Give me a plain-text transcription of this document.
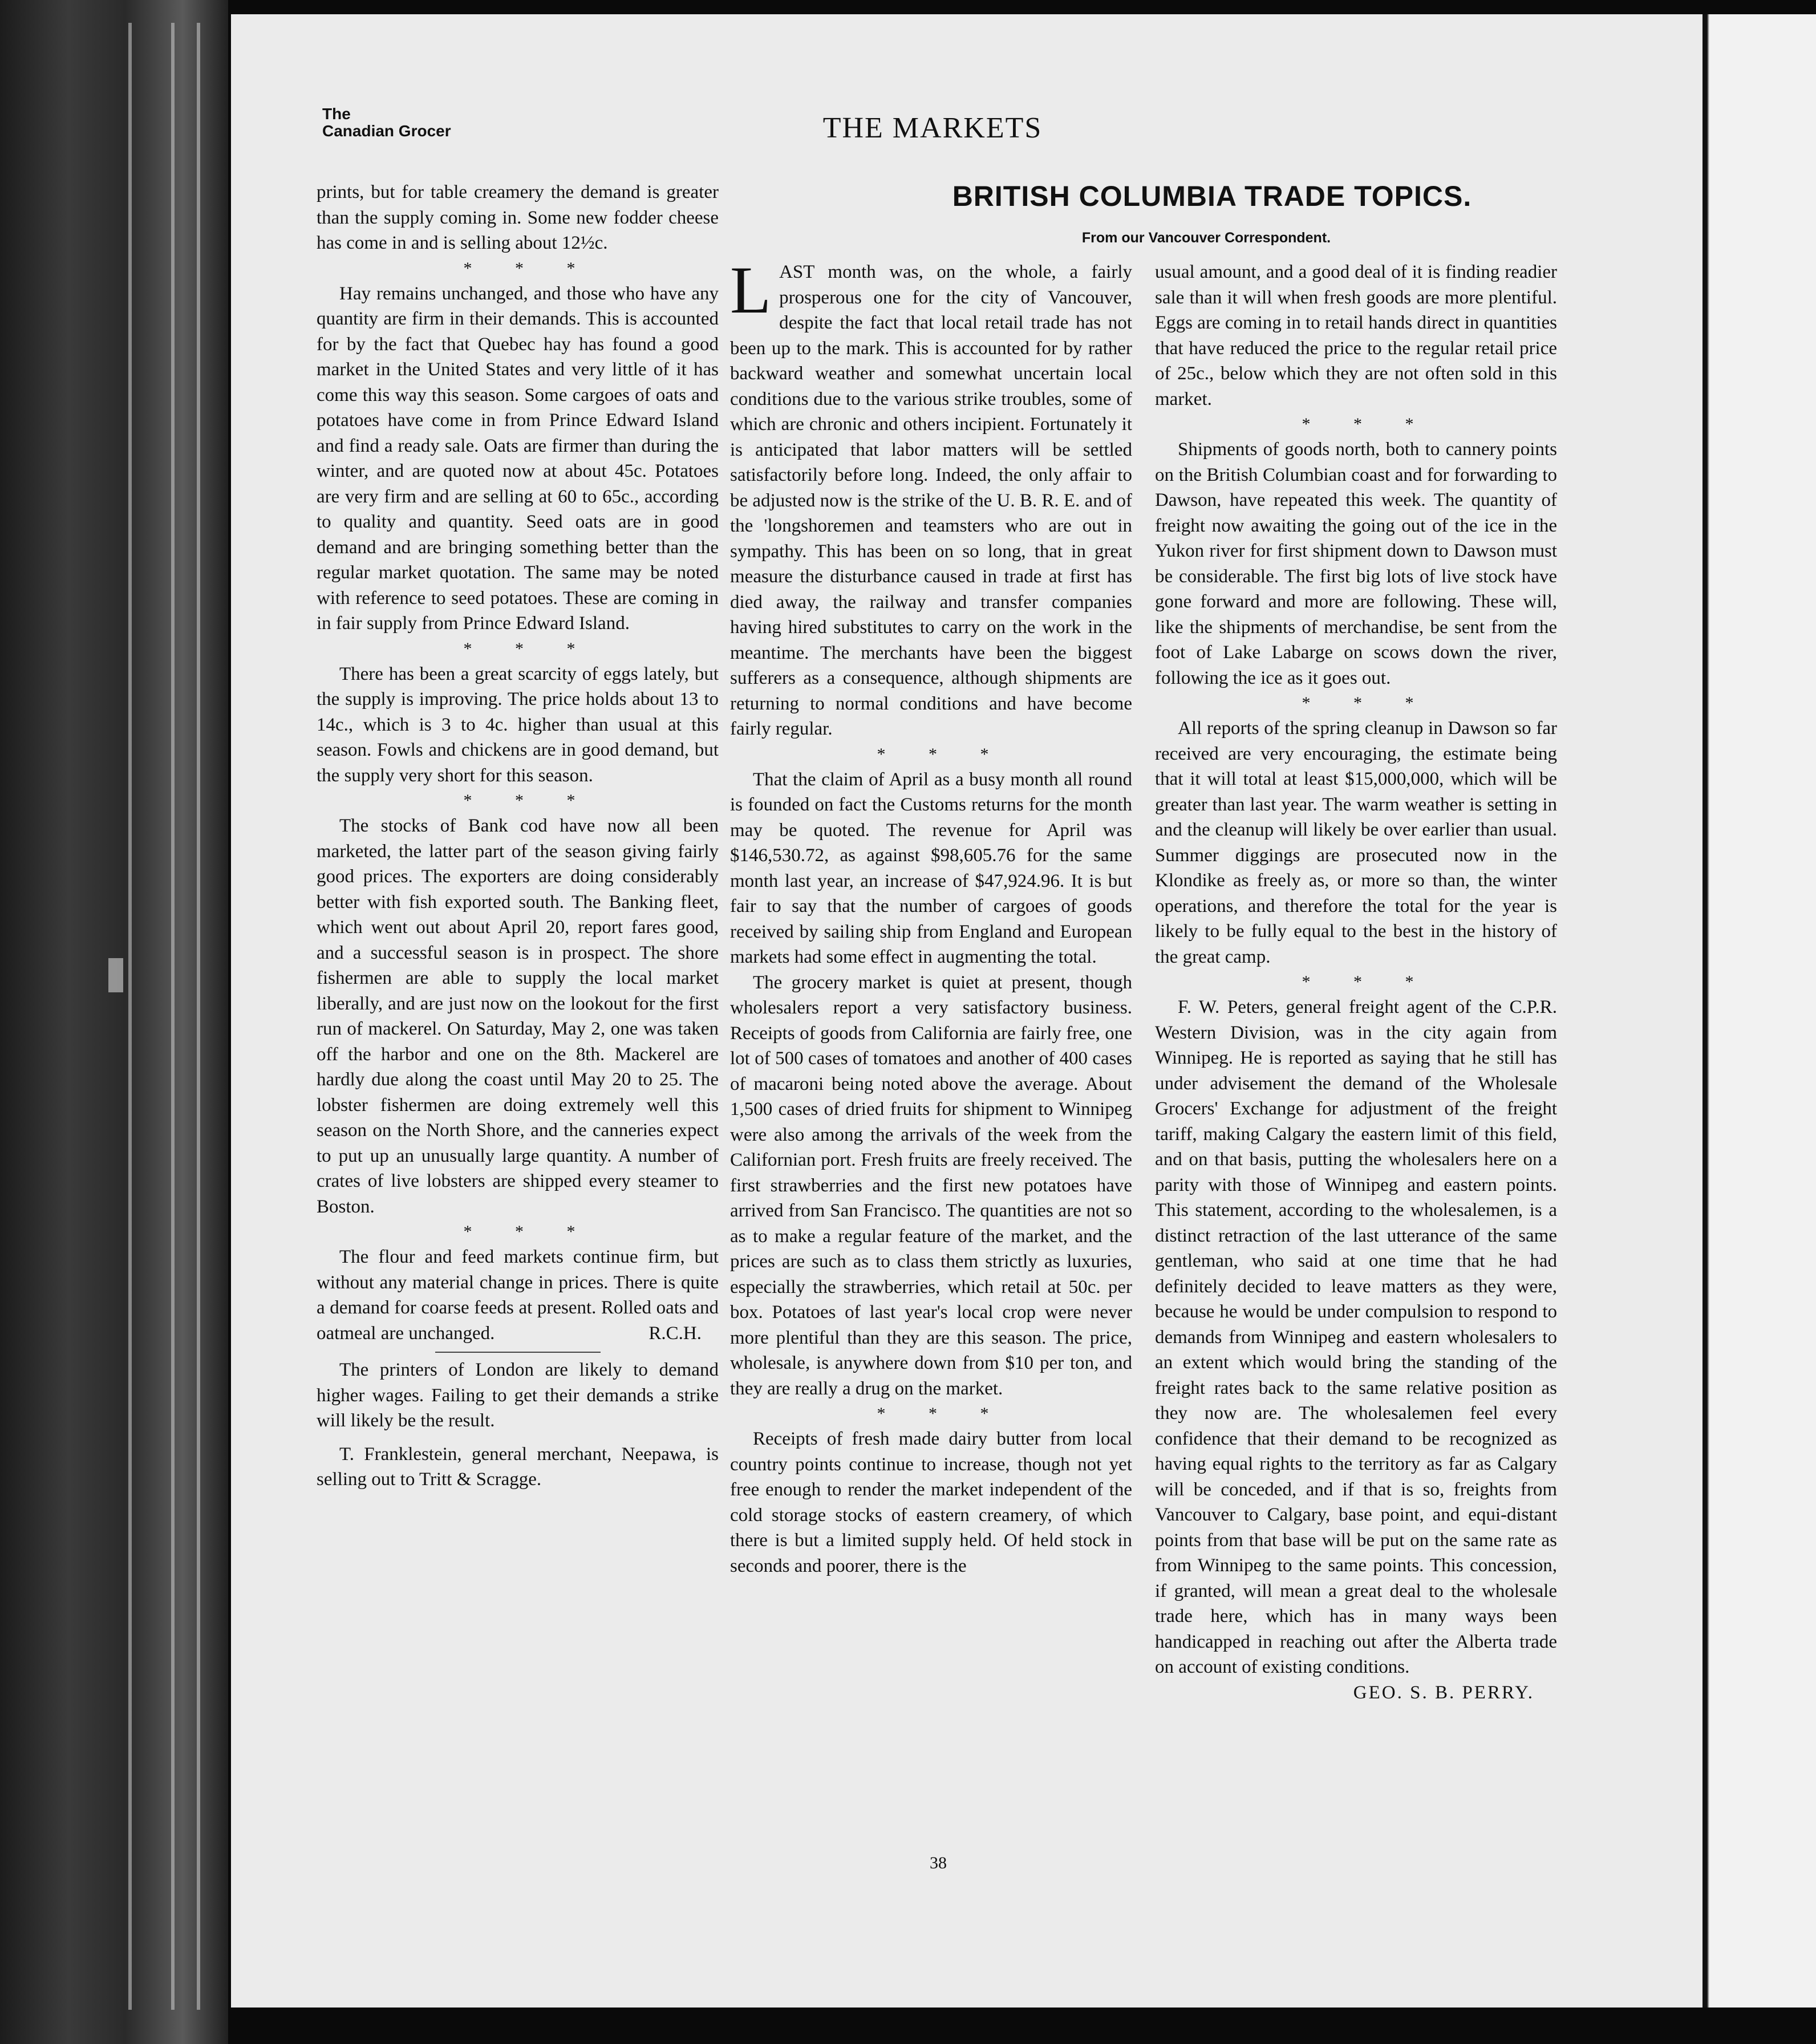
The
Canadian Grocer	THE MARKETS
BRITISH COLUMBIA TRADE TOPICS.
From our Vancouver Correspondent.

prints, but for table creamery the demand is greater than the supply coming in. Some new fodder cheese has come in and is selling about 12½c.

* * *

Hay remains unchanged, and those who have any quantity are firm in their demands. This is accounted for by the fact that Quebec hay has found a good market in the United States and very little of it has come this way this season. Some cargoes of oats and potatoes have come in from Prince Edward Island and find a ready sale. Oats are firmer than during the winter, and are quoted now at about 45c. Potatoes are very firm and are selling at 60 to 65c., according to quality and quantity. Seed oats are in good demand and are bringing something better than the regular market quotation. The same may be noted with reference to seed potatoes. These are coming in in fair supply from Prince Edward Island.

* * *

There has been a great scarcity of eggs lately, but the supply is improving. The price holds about 13 to 14c., which is 3 to 4c. higher than usual at this season. Fowls and chickens are in good demand, but the supply very short for this season.

* * *

The stocks of Bank cod have now all been marketed, the latter part of the season giving fairly good prices. The exporters are doing considerably better with fish exported south. The Banking fleet, which went out about April 20, report fares good, and a successful season is in prospect. The shore fishermen are able to supply the local market liberally, and are just now on the lookout for the first run of mackerel. On Saturday, May 2, one was taken off the harbor and one on the 8th. Mackerel are hardly due along the coast until May 20 to 25. The lobster fishermen are doing extremely well this season on the North Shore, and the canneries expect to put up an unusually large quantity. A number of crates of live lobsters are shipped every steamer to Boston.

* * *

The flour and feed markets continue firm, but without any material change in prices. There is quite a demand for coarse feeds at present. Rolled oats and oatmeal are unchanged.	R.C.H.

The printers of London are likely to demand higher wages. Failing to get their demands a strike will likely be the result.

T. Franklestein, general merchant, Neepawa, is selling out to Tritt & Scragge.

LAST month was, on the whole, a fairly prosperous one for the city of Vancouver, despite the fact that local retail trade has not been up to the mark. This is accounted for by rather backward weather and somewhat uncertain local conditions due to the various strike troubles, some of which are chronic and others incipient. Fortunately it is anticipated that labor matters will be settled satisfactorily before long. Indeed, the only affair to be adjusted now is the strike of the U. B. R. E. and of the 'longshoremen and teamsters who are out in sympathy. This has been on so long, that in great measure the disturbance caused in trade at first has died away, the railway and transfer companies having hired substitutes to carry on the work in the meantime. The merchants have been the biggest sufferers as a consequence, although shipments are returning to normal conditions and have become fairly regular.

* * *

That the claim of April as a busy month all round is founded on fact the Customs returns for the month may be quoted. The revenue for April was $146,530.72, as against $98,605.76 for the same month last year, an increase of $47,924.96. It is but fair to say that the number of cargoes of goods received by sailing ship from England and European markets had some effect in augmenting the total.

The grocery market is quiet at present, though wholesalers report a very satisfactory business. Receipts of goods from California are fairly free, one lot of 500 cases of tomatoes and another of 400 cases of macaroni being noted above the average. About 1,500 cases of dried fruits for shipment to Winnipeg were also among the arrivals of the week from the Californian port. Fresh fruits are freely received. The first strawberries and the first new potatoes have arrived from San Francisco. The quantities are not so as to make a regular feature of the market, and the prices are such as to class them strictly as luxuries, especially the strawberries, which retail at 50c. per box. Potatoes of last year's local crop were never more plentiful than they are this season. The price, wholesale, is anywhere down from $10 per ton, and they are really a drug on the market.

* * *

Receipts of fresh made dairy butter from local country points continue to increase, though not yet free enough to render the market independent of the cold storage stocks of eastern creamery, of which there is but a limited supply held. Of held stock in seconds and poorer, there is the

usual amount, and a good deal of it is finding readier sale than it will when fresh goods are more plentiful. Eggs are coming in to retail hands direct in quantities that have reduced the price to the regular retail price of 25c., below which they are not often sold in this market.

* * *

Shipments of goods north, both to cannery points on the British Columbian coast and for forwarding to Dawson, have repeated this week. The quantity of freight now awaiting the going out of the ice in the Yukon river for first shipment down to Dawson must be considerable. The first big lots of live stock have gone forward and more are following. These will, like the shipments of merchandise, be sent from the foot of Lake Labarge on scows down the river, following the ice as it goes out.

* * *

All reports of the spring cleanup in Dawson so far received are very encouraging, the estimate being that it will total at least $15,000,000, which will be greater than last year. The warm weather is setting in and the cleanup will likely be over earlier than usual. Summer diggings are prosecuted now in the Klondike as freely as, or more so than, the winter operations, and therefore the total for the year is likely to be fully equal to the best in the history of the great camp.

* * *

F. W. Peters, general freight agent of the C.P.R. Western Division, was in the city again from Winnipeg. He is reported as saying that he still has under advisement the demand of the Wholesale Grocers' Exchange for adjustment of the freight tariff, making Calgary the eastern limit of this field, and on that basis, putting the wholesalers here on a parity with those of Winnipeg and eastern points. This statement, according to the wholesalemen, is a distinct retraction of the last utterance of the same gentleman, who said at one time that he had definitely decided to leave matters as they were, because he would be under compulsion to respond to demands from Winnipeg and eastern wholesalers to an extent which would bring the standing of the freight rates back to the same relative position as they now are. The wholesalemen feel every confidence that their demand to be recognized as having equal rights to the territory as far as Calgary will be conceded, and if that is so, freights from Vancouver to Calgary, base point, and equi-distant points from that base will be put on the same rate as from Winnipeg to the same points. This concession, if granted, will mean a great deal to the wholesale trade here, which has in many ways been handicapped in reaching out after the Alberta trade on account of existing conditions.

GEO. S. B. PERRY.

38
